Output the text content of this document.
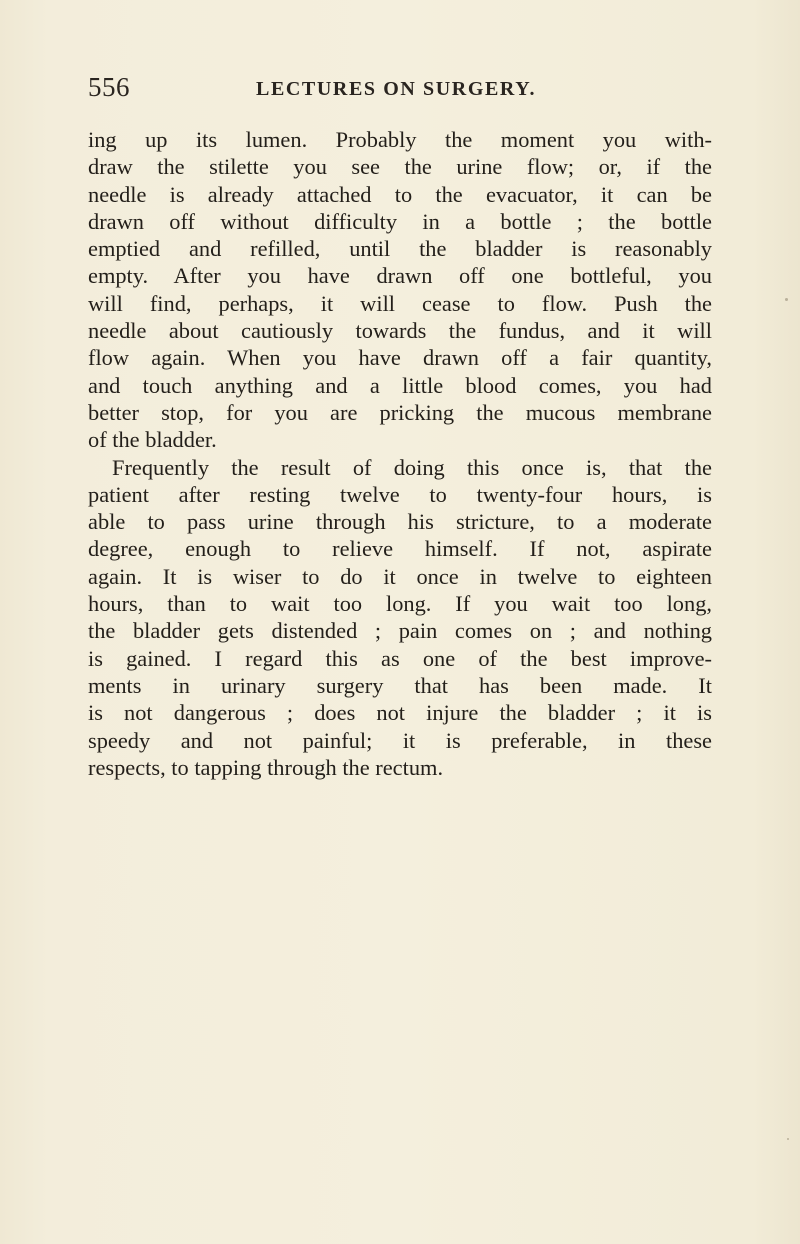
556	LECTURES ON SURGERY.
ing up its lumen. Probably the moment you with-
draw the stilette you see the urine flow; or, if the
needle is already attached to the evacuator, it can be
drawn off without difficulty in a bottle ; the bottle
emptied and refilled, until the bladder is reasonably
empty. After you have drawn off one bottleful, you
will find, perhaps, it will cease to flow. Push the
needle about cautiously towards the fundus, and it will
flow again. When you have drawn off a fair quantity,
and touch anything and a little blood comes, you had
better stop, for you are pricking the mucous membrane
of the bladder.
Frequently the result of doing this once is, that the
patient after resting twelve to twenty-four hours, is
able to pass urine through his stricture, to a moderate
degree, enough to relieve himself. If not, aspirate
again. It is wiser to do it once in twelve to eighteen
hours, than to wait too long. If you wait too long,
the bladder gets distended ; pain comes on ; and nothing
is gained. I regard this as one of the best improve-
ments in urinary surgery that has been made. It
is not dangerous ; does not injure the bladder ; it is
speedy and not painful; it is preferable, in these
respects, to tapping through the rectum.
